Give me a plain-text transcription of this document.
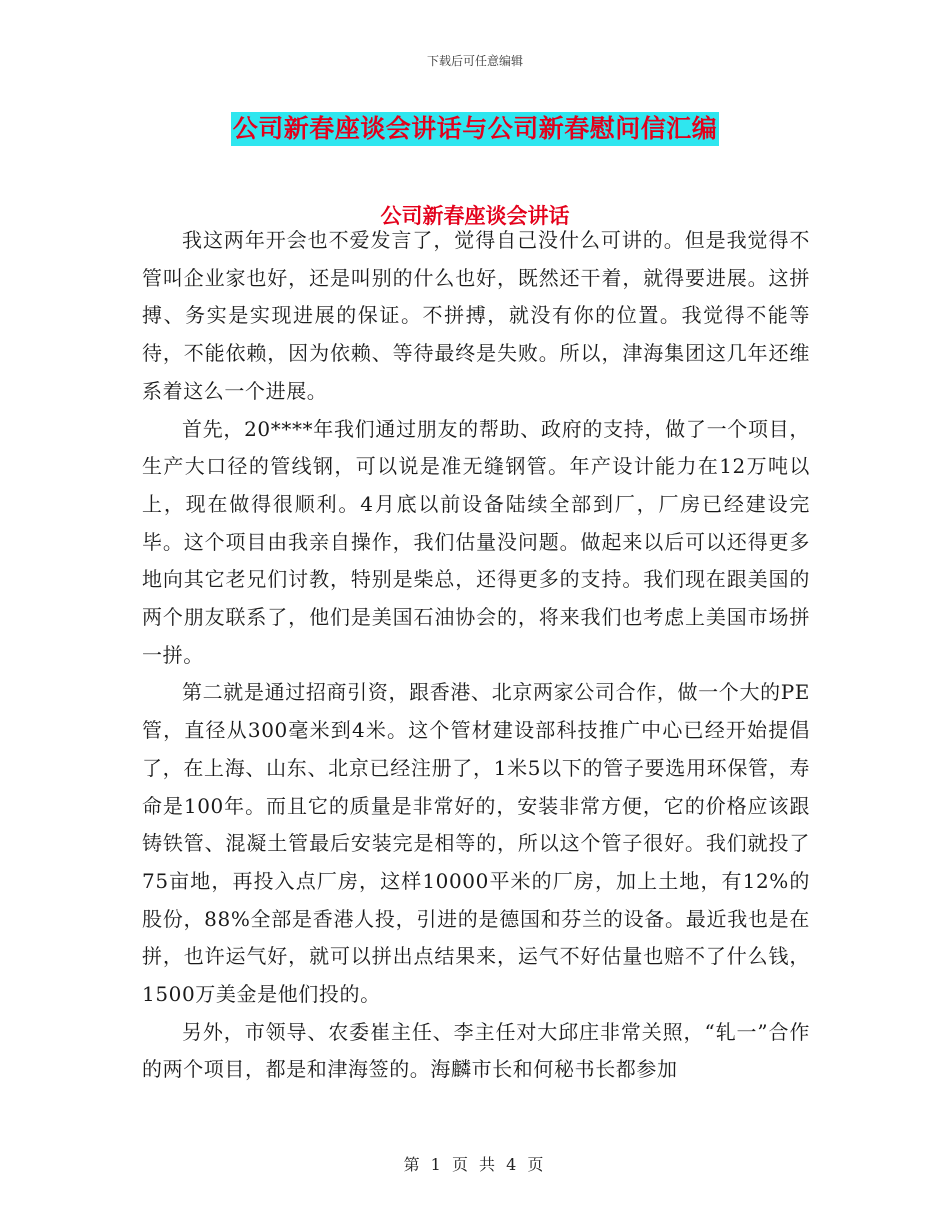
下载后可任意编辑
公司新春座谈会讲话与公司新春慰问信汇编
公司新春座谈会讲话

我这两年开会也不爱发言了，觉得自己没什么可讲的。但是我觉得不管叫企业家也好，还是叫别的什么也好，既然还干着，就得要进展。这拼搏、务实是实现进展的保证。不拼搏，就没有你的位置。我觉得不能等待，不能依赖，因为依赖、等待最终是失败。所以，津海集团这几年还维系着这么一个进展。

首先，20****年我们通过朋友的帮助、政府的支持，做了一个项目，生产大口径的管线钢，可以说是准无缝钢管。年产设计能力在12万吨以上，现在做得很顺利。4月底以前设备陆续全部到厂，厂房已经建设完毕。这个项目由我亲自操作，我们估量没问题。做起来以后可以还得更多地向其它老兄们讨教，特别是柴总，还得更多的支持。我们现在跟美国的两个朋友联系了，他们是美国石油协会的，将来我们也考虑上美国市场拼一拼。

第二就是通过招商引资，跟香港、北京两家公司合作，做一个大的PE管，直径从300毫米到4米。这个管材建设部科技推广中心已经开始提倡了，在上海、山东、北京已经注册了，1米5以下的管子要选用环保管，寿命是100年。而且它的质量是非常好的，安装非常方便，它的价格应该跟铸铁管、混凝土管最后安装完是相等的，所以这个管子很好。我们就投了75亩地，再投入点厂房，这样10000平米的厂房，加上土地，有12%的股份，88%全部是香港人投，引进的是德国和芬兰的设备。最近我也是在拼，也许运气好，就可以拼出点结果来，运气不好估量也赔不了什么钱，1500万美金是他们投的。

另外，市领导、农委崔主任、李主任对大邱庄非常关照，“轧一”合作的两个项目，都是和津海签的。海麟市长和何秘书长都参加

第 1 页 共 4 页
